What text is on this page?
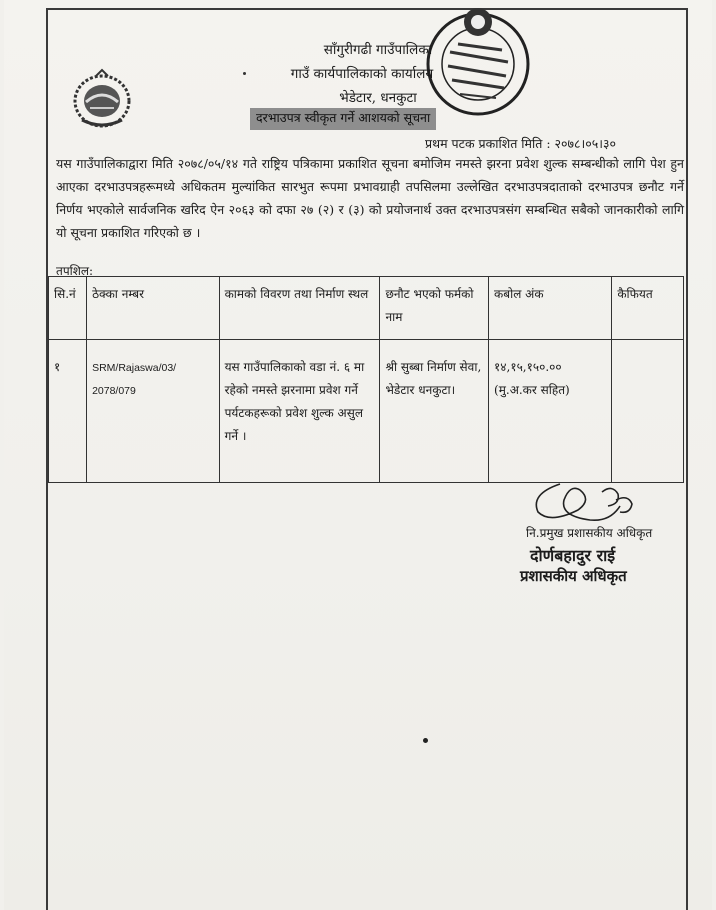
साँगुरीगढी गाउँपालिका
गाउँ कार्यपालिकाको कार्यालय
भेडेटार, धनकुटा
दरभाउपत्र स्वीकृत गर्ने आशयको सूचना
प्रथम पटक प्रकाशित मिति : २०७८।०५।३०
यस गाउँपालिकाद्वारा मिति २०७८/०५/१४ गते राष्ट्रिय पत्रिकामा प्रकाशित सूचना बमोजिम नमस्ते झरना प्रवेश शुल्क सम्बन्धीको लागि पेश हुन आएका दरभाउपत्रहरूमध्ये अधिकतम मुल्यांकित सारभुत रूपमा प्रभावग्राही तपसिलमा उल्लेखित दरभाउपत्रदाताको दरभाउपत्र छनौट गर्ने निर्णय भएकोले सार्वजनिक खरिद ऐन २०६३ को दफा २७ (२) र (३) को प्रयोजनार्थ उक्त दरभाउपत्रसंग सम्बन्धित सबैको जानकारीको लागि यो सूचना प्रकाशित गरिएको छ ।
तपशिल:
सि.नं	ठेक्का नम्बर	कामको विवरण तथा निर्माण स्थल	छनौट भएको फर्मको नाम	कबोल अंक	कैफियत
१	SRM/Rajaswa/03/ 2078/079	यस गाउँपालिकाको वडा नं. ६ मा रहेको नमस्ते झरनामा प्रवेश गर्ने पर्यटकहरूको प्रवेश शुल्क असुल गर्ने ।	श्री सुब्बा निर्माण सेवा, भेडेटार धनकुटा।	१४,१५,१५०.००
(मु.अ.कर सहित)	

नि.प्रमुख प्रशासकीय अधिकृत
दोर्णबहादुर राई
प्रशासकीय अधिकृत
